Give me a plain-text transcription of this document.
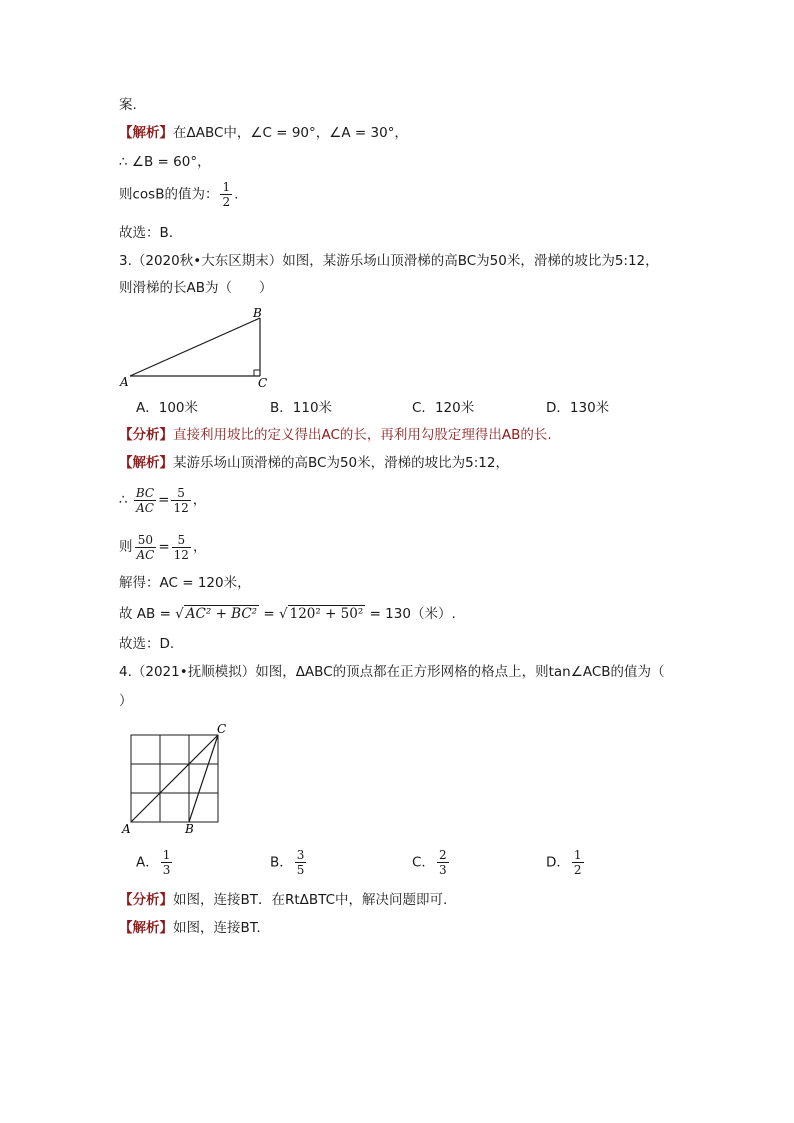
案.
【解析】在ΔABC中，∠C = 90°，∠A = 30°，
∴ ∠B = 60°，
则cosB的值为： $\frac{1}{2}$ .
故选：B.
3.（2020秋•大东区期末）如图，某游乐场山顶滑梯的高BC为50米，滑梯的坡比为5:12，
则滑梯的长AB为（　　）
A
B
C
A．100米	B．110米	C．120米	D．130米
【分析】直接利用坡比的定义得出AC的长，再利用勾股定理得出AB的长.
【解析】某游乐场山顶滑梯的高BC为50米，滑梯的坡比为5:12，
∴ $\frac{BC}{AC} = \frac{5}{12}$ ，
则 $\frac{50}{AC} = \frac{5}{12}$ ，
解得：AC = 120米，
故 AB = √ AC² + BC² = √ 120² + 50² = 130（米）.
故选：D.
4.（2021•抚顺模拟）如图，ΔABC的顶点都在正方形网格的格点上，则tan∠ACB的值为（
）
A	B
C
A． $\frac{1}{3}$	B． $\frac{3}{5}$	C． $\frac{2}{3}$	D． $\frac{1}{2}$
【分析】如图，连接BT．在RtΔBTC中，解决问题即可.
【解析】如图，连接BT.
